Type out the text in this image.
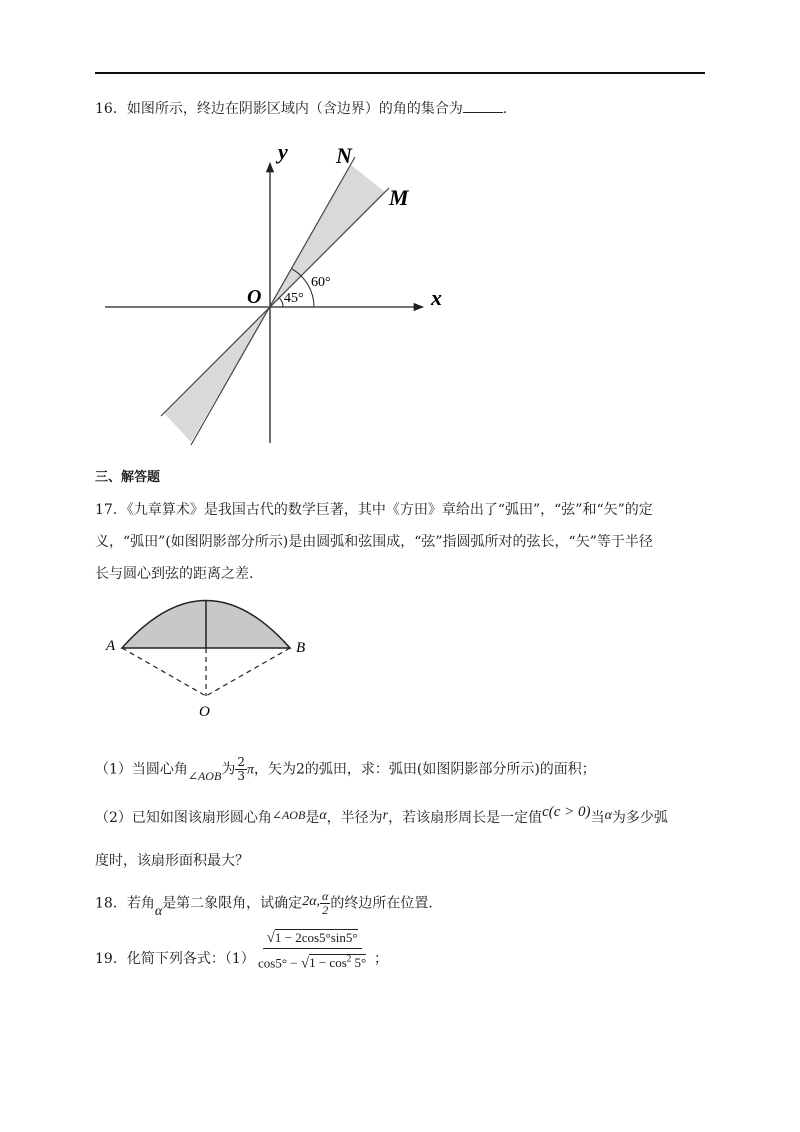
16．如图所示，终边在阴影区域内（含边界）的角的集合为	.
y
x
O
N
M
45°
60°
三、解答题
17．《九章算术》是我国古代的数学巨著，其中《方田》章给出了“弧田”，“弦”和“矢”的定
义，“弧田”(如图阴影部分所示)是由圆弧和弦围成，“弦”指圆弧所对的弦长，“矢”等于半径
长与圆心到弦的距离之差.
A	B
O
（1）当圆心角∠AOB为 $\frac{2}{3}$ π，矢为2的弧田，求：弧田(如图阴影部分所示)的面积；
（2）已知如图该扇形圆心角∠AOB是α，半径为r，若该扇形周长是一定值c(c > 0)当α为多少弧
度时，该扇形面积最大？
18．若角α是第二象限角，试确定2α, $\frac{\alpha}{2}$ 的终边所在位置.
19．化简下列各式：（1）
√1 − 2cos5°sin5°
$\cos 5^\circ - √1 - \cos^2 5^\circ$ ；
